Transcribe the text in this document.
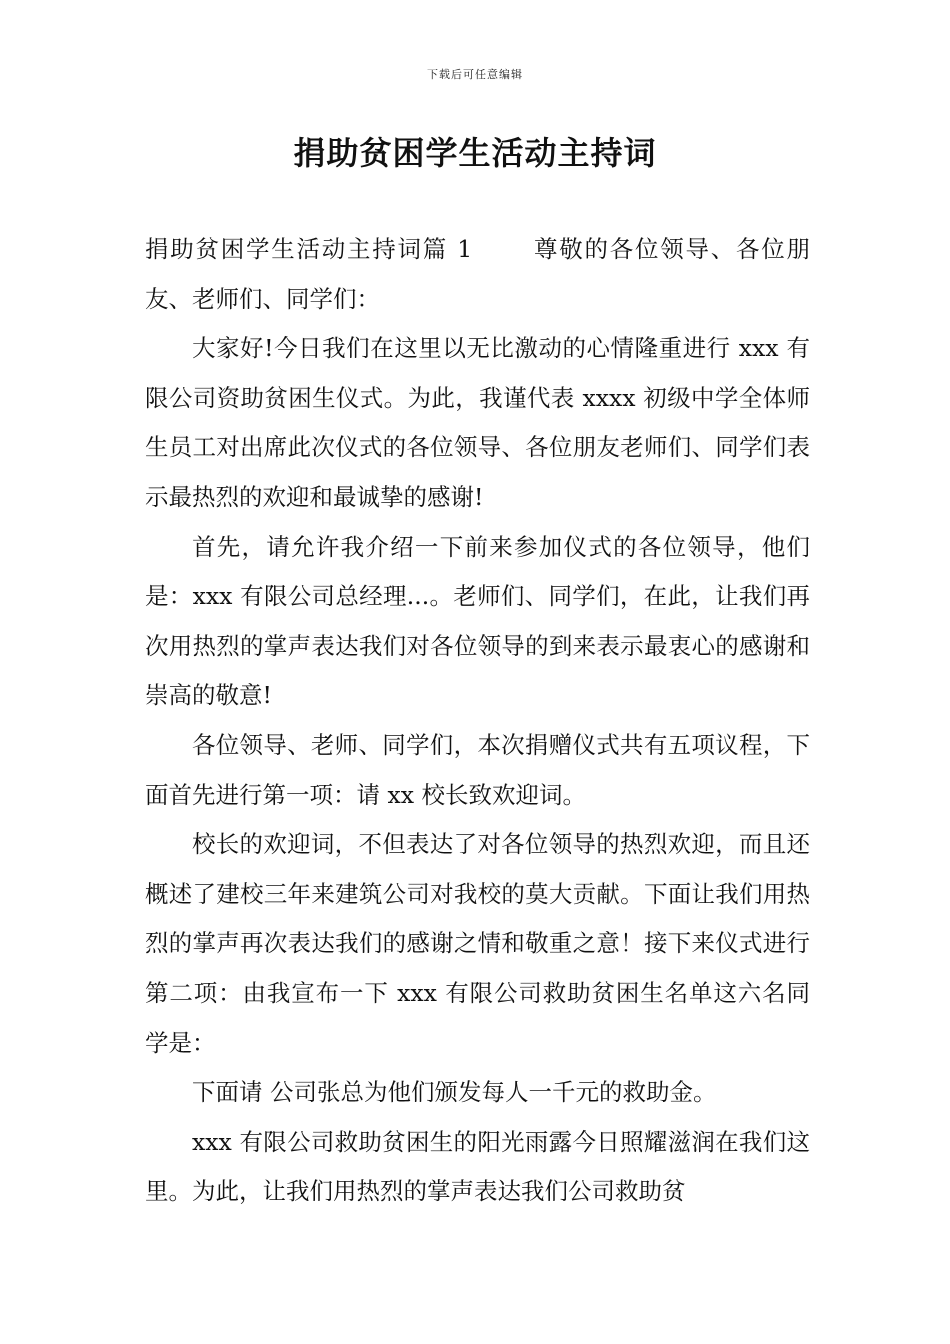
下载后可任意编辑
捐助贫困学生活动主持词

捐助贫困学生活动主持词篇 1	尊敬的各位领导、各位朋友、老师们、同学们：

大家好!今日我们在这里以无比激动的心情隆重进行 xxx 有限公司资助贫困生仪式。为此，我谨代表 xxxx 初级中学全体师生员工对出席此次仪式的各位领导、各位朋友老师们、同学们表示最热烈的欢迎和最诚挚的感谢!

首先，请允许我介绍一下前来参加仪式的各位领导，他们是：xxx 有限公司总经理...。老师们、同学们，在此，让我们再次用热烈的掌声表达我们对各位领导的到来表示最衷心的感谢和崇高的敬意!

各位领导、老师、同学们，本次捐赠仪式共有五项议程，下面首先进行第一项：请 xx 校长致欢迎词。

校长的欢迎词，不但表达了对各位领导的热烈欢迎，而且还概述了建校三年来建筑公司对我校的莫大贡献。下面让我们用热烈的掌声再次表达我们的感谢之情和敬重之意！接下来仪式进行第二项：由我宣布一下 xxx 有限公司救助贫困生名单这六名同学是：

下面请 公司张总为他们颁发每人一千元的救助金。

xxx 有限公司救助贫困生的阳光雨露今日照耀滋润在我们这里。为此，让我们用热烈的掌声表达我们公司救助贫
